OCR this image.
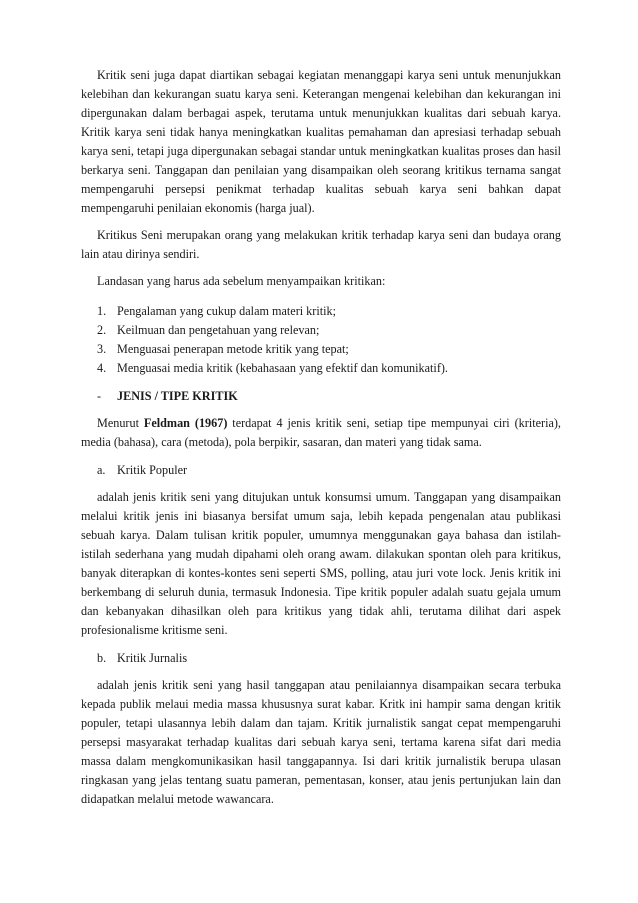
Kritik seni juga dapat diartikan sebagai kegiatan menanggapi karya seni untuk menunjukkan kelebihan dan kekurangan suatu karya seni. Keterangan mengenai kelebihan dan kekurangan ini dipergunakan dalam berbagai aspek, terutama untuk menunjukkan kualitas dari sebuah karya. Kritik karya seni tidak hanya meningkatkan kualitas pemahaman dan apresiasi terhadap sebuah karya seni, tetapi juga dipergunakan sebagai standar untuk meningkatkan kualitas proses dan hasil berkarya seni. Tanggapan dan penilaian yang disampaikan oleh seorang kritikus ternama sangat mempengaruhi persepsi penikmat terhadap kualitas sebuah karya seni bahkan dapat mempengaruhi penilaian ekonomis (harga jual).

Kritikus Seni merupakan orang yang melakukan kritik terhadap karya seni dan budaya orang lain atau dirinya sendiri.

Landasan yang harus ada sebelum menyampaikan kritikan:

1. Pengalaman yang cukup dalam materi kritik;
2. Keilmuan dan pengetahuan yang relevan;
3. Menguasai penerapan metode kritik yang tepat;
4. Menguasai media kritik (kebahasaan yang efektif dan komunikatif).
- JENIS / TIPE KRITIK

Menurut Feldman (1967) terdapat 4 jenis kritik seni, setiap tipe mempunyai ciri (kriteria), media (bahasa), cara (metoda), pola berpikir, sasaran, dan materi yang tidak sama.

a. Kritik Populer

adalah jenis kritik seni yang ditujukan untuk konsumsi umum. Tanggapan yang disampaikan melalui kritik jenis ini biasanya bersifat umum saja, lebih kepada pengenalan atau publikasi sebuah karya. Dalam tulisan kritik populer, umumnya menggunakan gaya bahasa dan istilah-istilah sederhana yang mudah dipahami oleh orang awam. dilakukan spontan oleh para kritikus, banyak diterapkan di kontes-kontes seni seperti SMS, polling, atau juri vote lock. Jenis kritik ini berkembang di seluruh dunia, termasuk Indonesia. Tipe kritik populer adalah suatu gejala umum dan kebanyakan dihasilkan oleh para kritikus yang tidak ahli, terutama dilihat dari aspek profesionalisme kritisme seni.

b. Kritik Jurnalis

adalah jenis kritik seni yang hasil tanggapan atau penilaiannya disampaikan secara terbuka kepada publik melaui media massa khususnya surat kabar. Kritk ini hampir sama dengan kritik populer, tetapi ulasannya lebih dalam dan tajam. Kritik jurnalistik sangat cepat mempengaruhi persepsi masyarakat terhadap kualitas dari sebuah karya seni, tertama karena sifat dari media massa dalam mengkomunikasikan hasil tanggapannya. Isi dari kritik jurnalistik berupa ulasan ringkasan yang jelas tentang suatu pameran, pementasan, konser, atau jenis pertunjukan lain dan didapatkan melalui metode wawancara.
